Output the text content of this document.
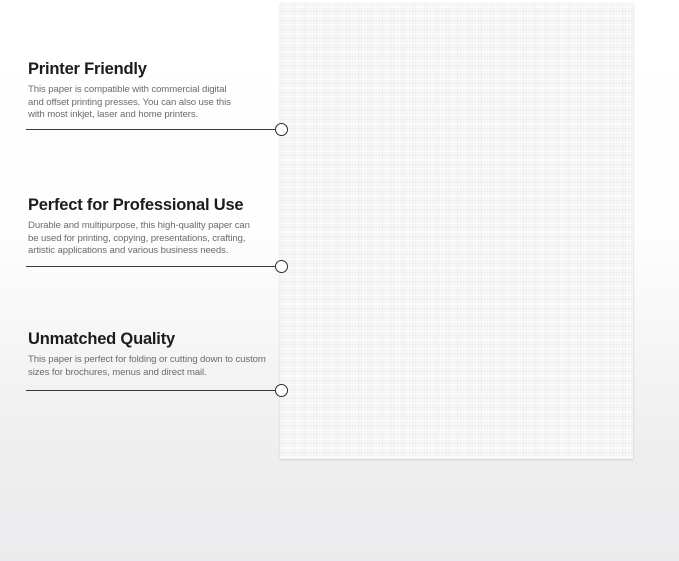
Printer Friendly

This paper is compatible with commercial digital and offset printing presses. You can also use this with most inkjet, laser and home printers.

Perfect for Professional Use

Durable and multipurpose, this high-quality paper can be used for printing, copying, presentations, crafting, artistic applications and various business needs.

Unmatched Quality

This paper is perfect for folding or cutting down to custom sizes for brochures, menus and direct mail.
